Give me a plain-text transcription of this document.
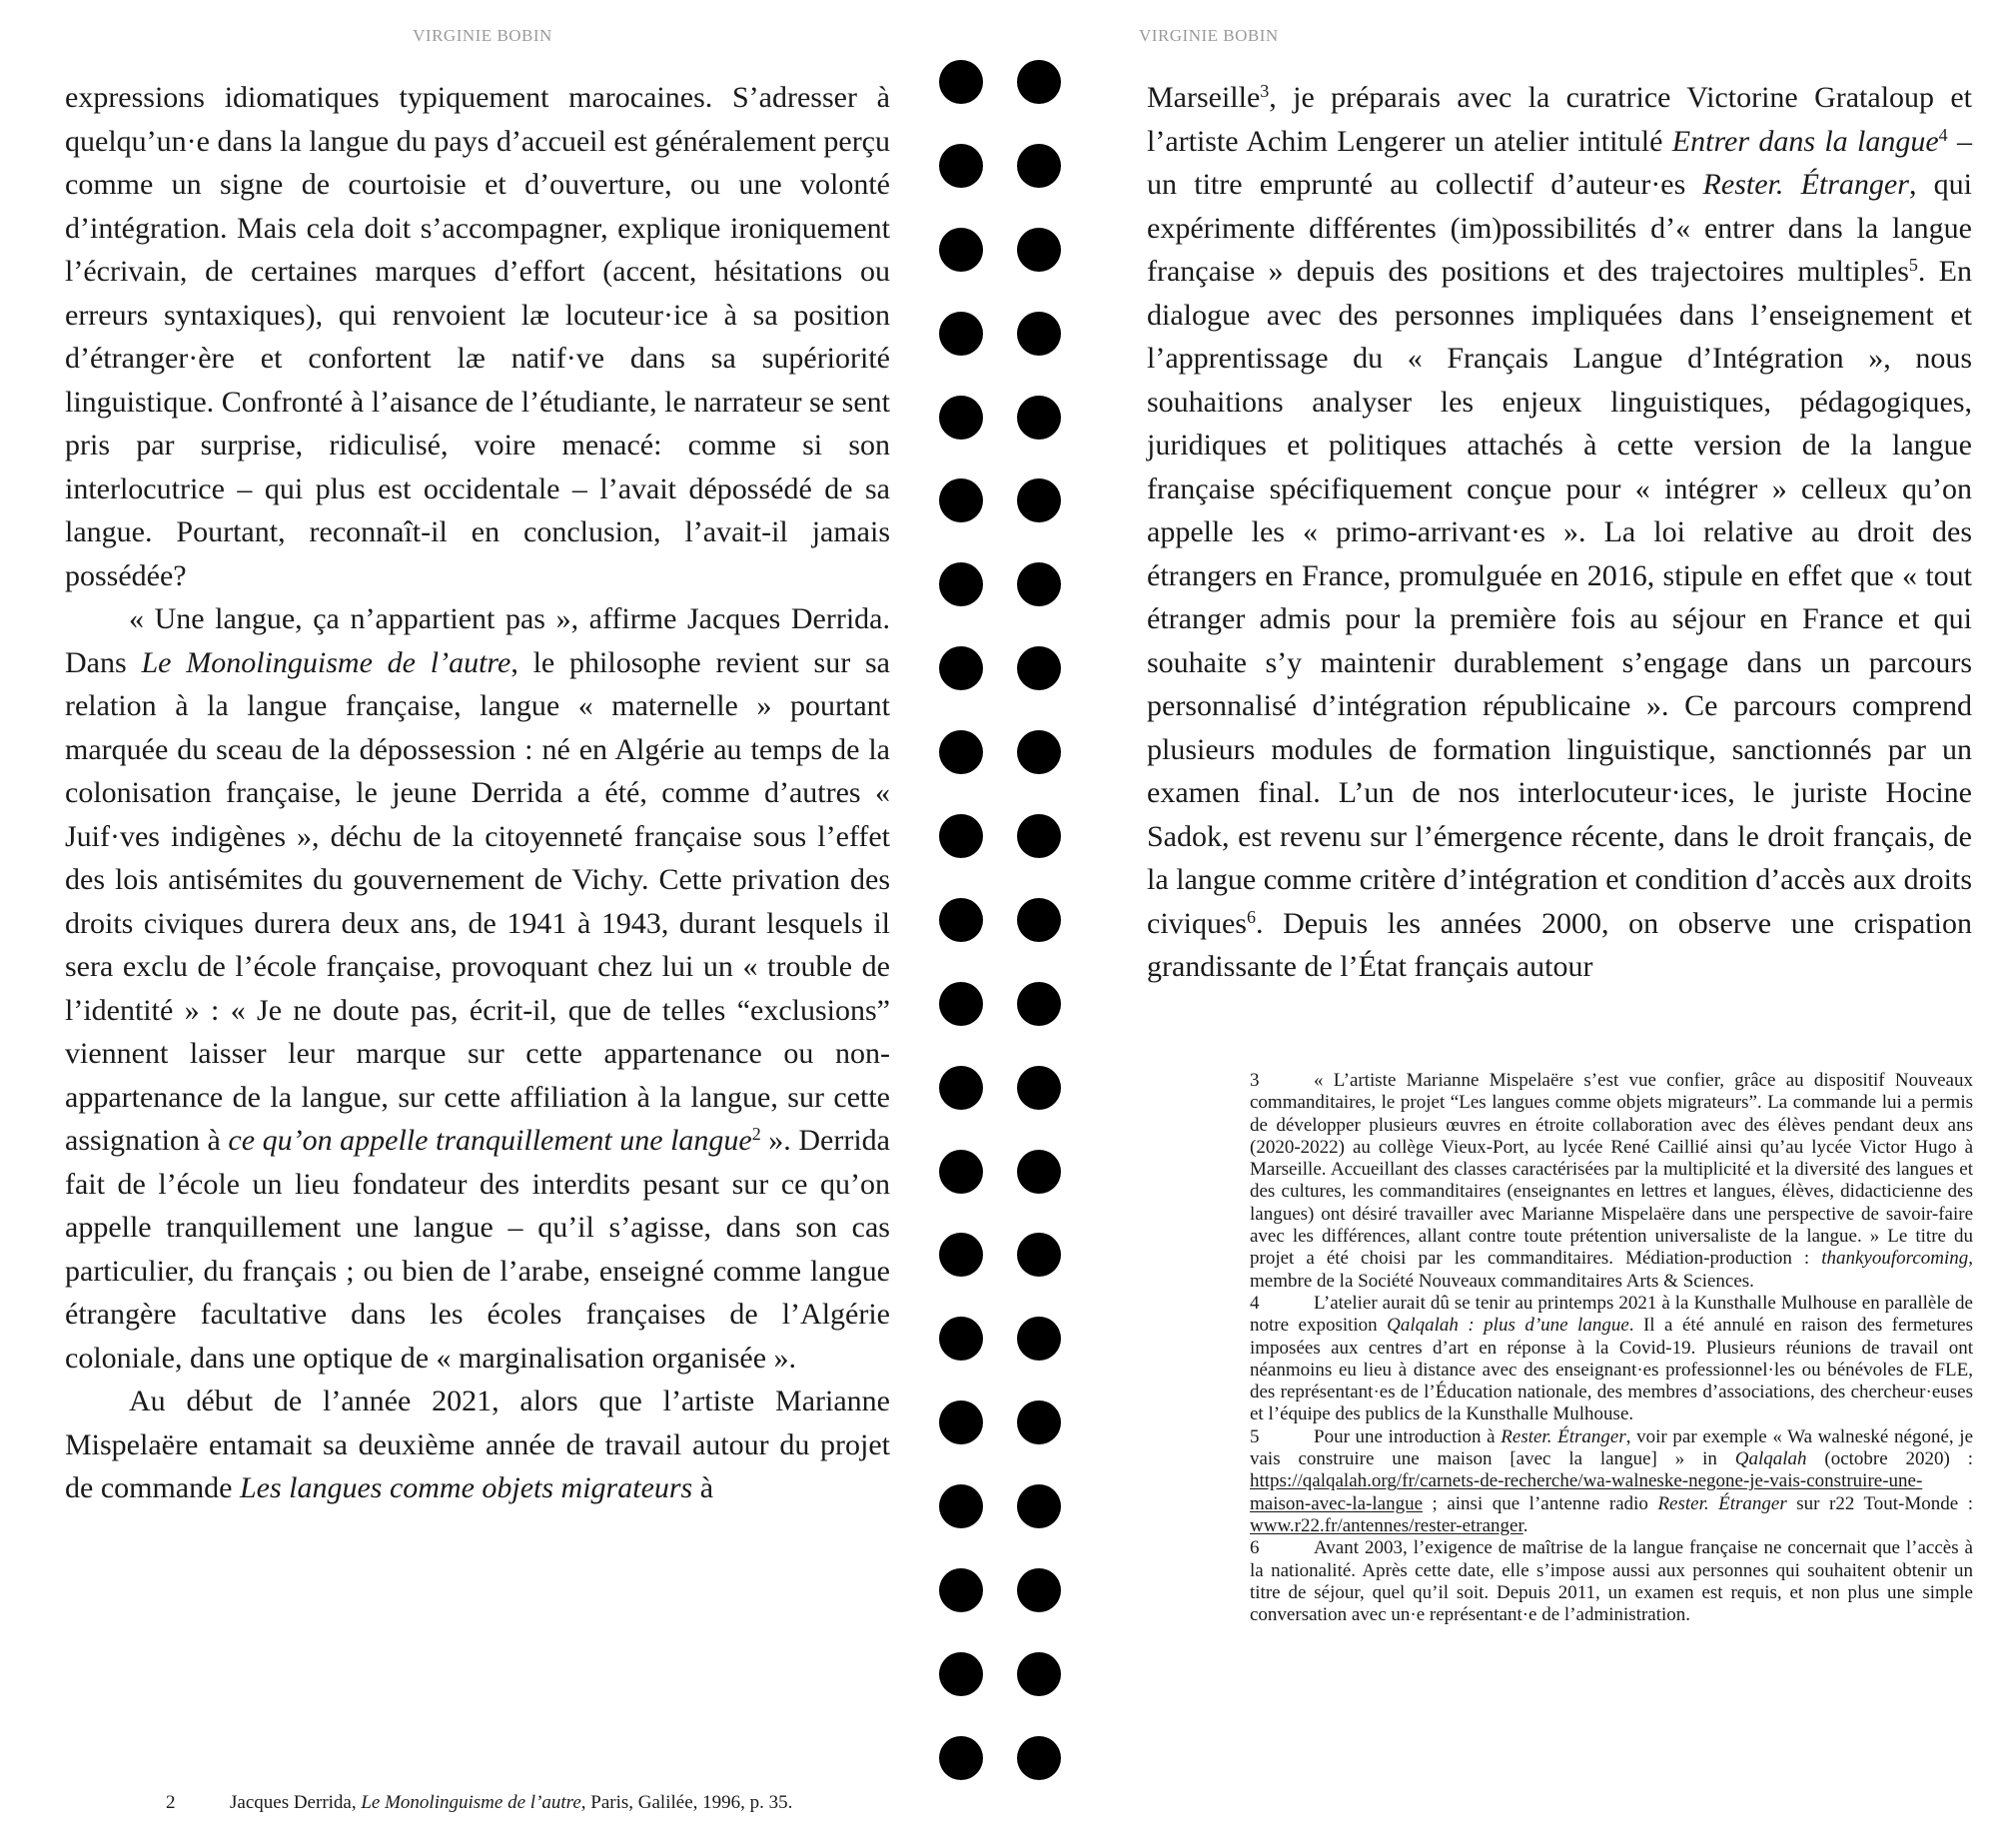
VIRGINIE BOBIN	VIRGINIE BOBIN

expressions idiomatiques typiquement marocaines. S’adresser à quelqu’un·e dans la langue du pays d’accueil est généralement perçu comme un signe de courtoisie et d’ouverture, ou une volonté d’intégration. Mais cela doit s’accompagner, explique ironiquement l’écrivain, de certaines marques d’effort (accent, hésitations ou erreurs syntaxiques), qui renvoient læ locuteur·ice à sa position d’étranger·ère et confortent læ natif·ve dans sa supériorité linguistique. Confronté à l’aisance de l’étudiante, le narrateur se sent pris par surprise, ridiculisé, voire menacé: comme si son interlocutrice – qui plus est occidentale – l’avait dépossédé de sa langue. Pourtant, reconnaît-il en conclusion, l’avait-il jamais possédée?

« Une langue, ça n’appartient pas », affirme Jacques Derrida. Dans Le Monolinguisme de l’autre, le philosophe revient sur sa relation à la langue française, langue « maternelle » pourtant marquée du sceau de la dépossession : né en Algérie au temps de la colonisation française, le jeune Derrida a été, comme d’autres « Juif·ves indigènes », déchu de la citoyenneté française sous l’effet des lois antisémites du gouvernement de Vichy. Cette privation des droits civiques durera deux ans, de 1941 à 1943, durant lesquels il sera exclu de l’école française, provoquant chez lui un « trouble de l’identité » : « Je ne doute pas, écrit-il, que de telles “exclusions” viennent laisser leur marque sur cette appartenance ou non-appartenance de la langue, sur cette affiliation à la langue, sur cette assignation à ce qu’on appelle tranquillement une langue$^2$ ». Derrida fait de l’école un lieu fondateur des interdits pesant sur ce qu’on appelle tranquillement une langue – qu’il s’agisse, dans son cas particulier, du français ; ou bien de l’arabe, enseigné comme langue étrangère facultative dans les écoles françaises de l’Algérie coloniale, dans une optique de « marginalisation organisée ».

Au début de l’année 2021, alors que l’artiste Marianne Mispelaëre entamait sa deuxième année de travail autour du projet de commande Les langues comme objets migrateurs à

Marseille$^3$, je préparais avec la curatrice Victorine Grataloup et l’artiste Achim Lengerer un atelier intitulé Entrer dans la langue$^4$ – un titre emprunté au collectif d’auteur·es Rester. Étranger, qui expérimente différentes (im)possibilités d’« entrer dans la langue française » depuis des positions et des trajectoires multiples$^5$. En dialogue avec des personnes impliquées dans l’enseignement et l’apprentissage du « Français Langue d’Intégration », nous souhaitions analyser les enjeux linguistiques, pédagogiques, juridiques et politiques attachés à cette version de la langue française spécifiquement conçue pour « intégrer » celleux qu’on appelle les « primo-arrivant·es ». La loi relative au droit des étrangers en France, promulguée en 2016, stipule en effet que « tout étranger admis pour la première fois au séjour en France et qui souhaite s’y maintenir durablement s’engage dans un parcours personnalisé d’intégration républicaine ». Ce parcours comprend plusieurs modules de formation linguistique, sanctionnés par un examen final. L’un de nos interlocuteur·ices, le juriste Hocine Sadok, est revenu sur l’émergence récente, dans le droit français, de la langue comme critère d’intégration et condition d’accès aux droits civiques$^6$. Depuis les années 2000, on observe une crispation grandissante de l’État français autour

2	Jacques Derrida, Le Monolinguisme de l’autre, Paris, Galilée, 1996, p. 35.

3	« L’artiste Marianne Mispelaëre s’est vue confier, grâce au dispositif Nouveaux commanditaires, le projet “Les langues comme objets migrateurs”. La commande lui a permis de développer plusieurs œuvres en étroite collaboration avec des élèves pendant deux ans (2020-2022) au collège Vieux-Port, au lycée René Caillié ainsi qu’au lycée Victor Hugo à Marseille. Accueillant des classes caractérisées par la multiplicité et la diversité des langues et des cultures, les commanditaires (enseignantes en lettres et langues, élèves, didacticienne des langues) ont désiré travailler avec Marianne Mispelaëre dans une perspective de savoir-faire avec les différences, allant contre toute prétention universaliste de la langue. » Le titre du projet a été choisi par les commanditaires. Médiation-production : thankyouforcoming, membre de la Société Nouveaux commanditaires Arts & Sciences.

4	L’atelier aurait dû se tenir au printemps 2021 à la Kunsthalle Mulhouse en parallèle de notre exposition Qalqalah : plus d’une langue. Il a été annulé en raison des fermetures imposées aux centres d’art en réponse à la Covid-19. Plusieurs réunions de travail ont néanmoins eu lieu à distance avec des enseignant·es professionnel·les ou bénévoles de FLE, des représentant·es de l’Éducation nationale, des membres d’associations, des chercheur·euses et l’équipe des publics de la Kunsthalle Mulhouse.

5	Pour une introduction à Rester. Étranger, voir par exemple « Wa walneské négoné, je vais construire une maison [avec la langue] » in Qalqalah (octobre 2020) : https://qalqalah.org/fr/carnets-de-recherche/wa-walneske-negone-je-vais-construire-une-maison-avec-la-langue ; ainsi que l’antenne radio Rester. Étranger sur r22 Tout-Monde : www.r22.fr/antennes/rester-etranger.

6	Avant 2003, l’exigence de maîtrise de la langue française ne concernait que l’accès à la nationalité. Après cette date, elle s’impose aussi aux personnes qui souhaitent obtenir un titre de séjour, quel qu’il soit. Depuis 2011, un examen est requis, et non plus une simple conversation avec un·e représentant·e de l’administration.
